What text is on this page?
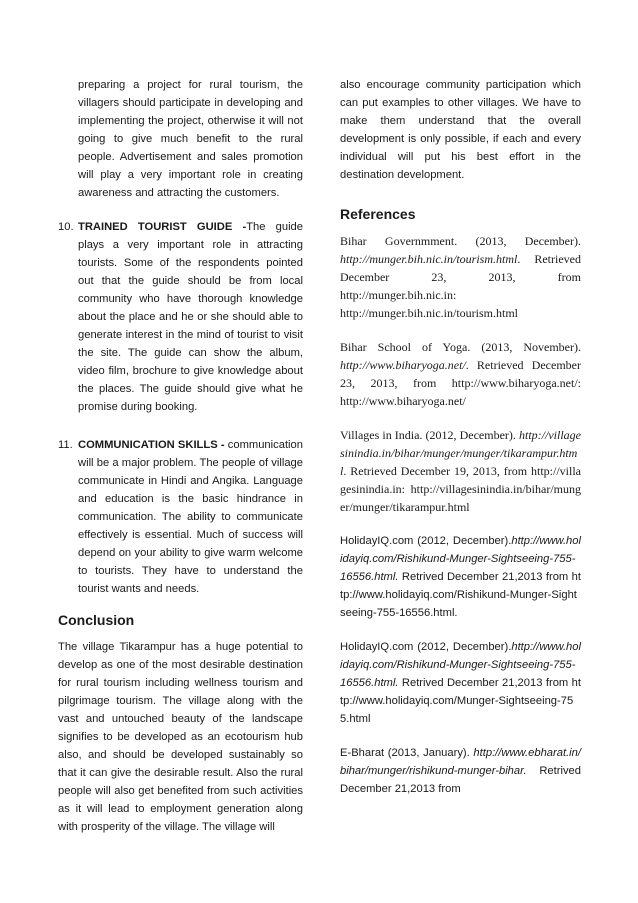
preparing a project for rural tourism, the villagers should participate in developing and implementing the project, otherwise it will not going to give much benefit to the rural people. Advertisement and sales promotion will play a very important role in creating awareness and attracting the customers.

10. TRAINED TOURIST GUIDE -The guide plays a very important role in attracting tourists. Some of the respondents pointed out that the guide should be from local community who have thorough knowledge about the place and he or she should able to generate interest in the mind of tourist to visit the site. The guide can show the album, video film, brochure to give knowledge about the places. The guide should give what he promise during booking.

11. COMMUNICATION SKILLS - communication will be a major problem. The people of village communicate in Hindi and Angika. Language and education is the basic hindrance in communication. The ability to communicate effectively is essential. Much of success will depend on your ability to give warm welcome to tourists. They have to understand the tourist wants and needs.

Conclusion

The village Tikarampur has a huge potential to develop as one of the most desirable destination for rural tourism including wellness tourism and pilgrimage tourism. The village along with the vast and untouched beauty of the landscape signifies to be developed as an ecotourism hub also, and should be developed sustainably so that it can give the desirable result. Also the rural people will also get benefited from such activities as it will lead to employment generation along with prosperity of the village. The village will

also encourage community participation which can put examples to other villages. We have to make them understand that the overall development is only possible, if each and every individual will put his best effort in the destination development.

References

Bihar Governmment. (2013, December). http://munger.bih.nic.in/tourism.html. Retrieved December 23, 2013, from http://munger.bih.nic.in: http://munger.bih.nic.in/tourism.html

Bihar School of Yoga. (2013, November). http://www.biharyoga.net/. Retrieved December 23, 2013, from http://www.biharyoga.net/: http://www.biharyoga.net/

Villages in India. (2012, December). http://villagesinindia.in/bihar/munger/munger/tikarampur.html. Retrieved December 19, 2013, from http://villagesinindia.in: http://villagesinindia.in/bihar/munger/munger/tikarampur.html

HolidayIQ.com (2012, December).http://www.holidayiq.com/Rishikund-Munger-Sightseeing-755-16556.html. Retrived December 21,2013 from http://www.holidayiq.com/Rishikund-Munger-Sightseeing-755-16556.html.

HolidayIQ.com (2012, December).http://www.holidayiq.com/Rishikund-Munger-Sightseeing-755-16556.html. Retrived December 21,2013 from http://www.holidayiq.com/Munger-Sightseeing-755.html

E-Bharat (2013, January). http://www.ebharat.in/bihar/munger/rishikund-munger-bihar. Retrived December 21,2013 from
